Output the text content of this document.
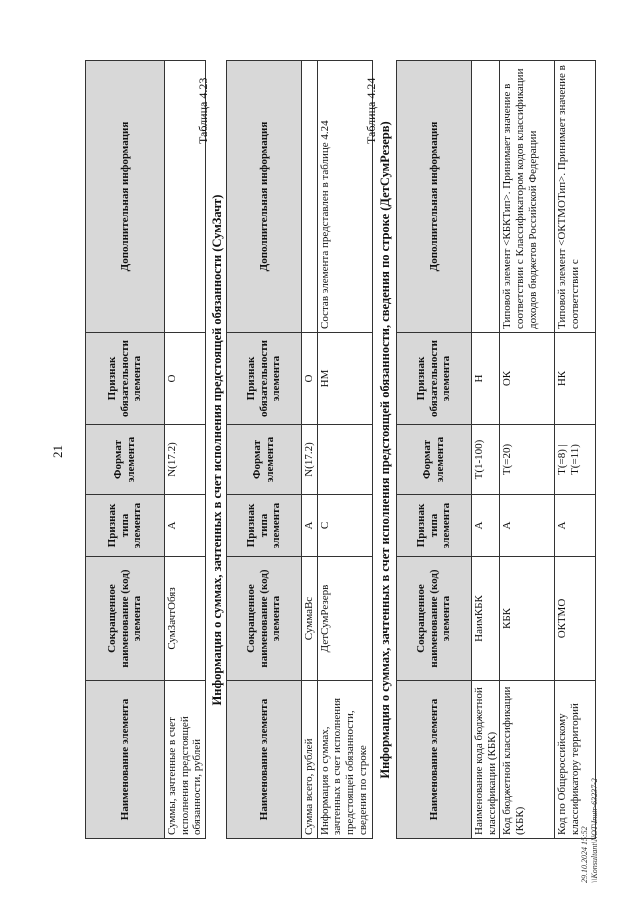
21
Наименование элемента	Сокращенное наименование (код) элемента	Признак типа элемента	Формат элемента	Признак обязательности элемента	Дополнительная информация
Суммы, зачтенные в счет исполнения предстоящей обязанности, рублей	СумЗачтОбяз	А	N(17.2)	О	
Таблица 4.23
Информация о суммах, зачтенных в счет исполнения предстоящей обязанности (СумЗачт)
Наименование элемента	Сокращенное наименование (код) элемента	Признак типа элемента	Формат элемента	Признак обязательности элемента	Дополнительная информация
Сумма всего, рублей	СуммаВс	А	N(17.2)	О	
Информация о суммах, зачтенных в счет исполнения предстоящей обязанности, сведения по строке	ДетСумРезерв	С		НМ	Состав элемента представлен в таблице 4.24
Таблица 4.24
Информация о суммах, зачтенных в счет исполнения предстоящей обязанности, сведения по строке (ДетСумРезерв)	Наименование элемента	Сокращенное наименование (код) элемента	Признак типа элемента	Формат элемента	Признак обязательности элемента	Дополнительная информация
Наименование кода бюджетной классификации (КБК)	НаимКБК	А	T(1-100)	Н	
Код бюджетной классификации (КБК)	КБК	А	T(=20)	ОК	Типовой элемент <КБКТип>. Принимает значение в соответствии с Классификатором кодов классификации доходов бюджетов Российской Федерации
Код по Общероссийскому классификатору территорий	ОКТМО	А	T(=8) | T(=11)	НК	Типовой элемент <ОКТМОТип>. Принимает значение в соответствии с
29.10.2024 15:52 \\Konsultant\NOT\Inutr-63237-2
